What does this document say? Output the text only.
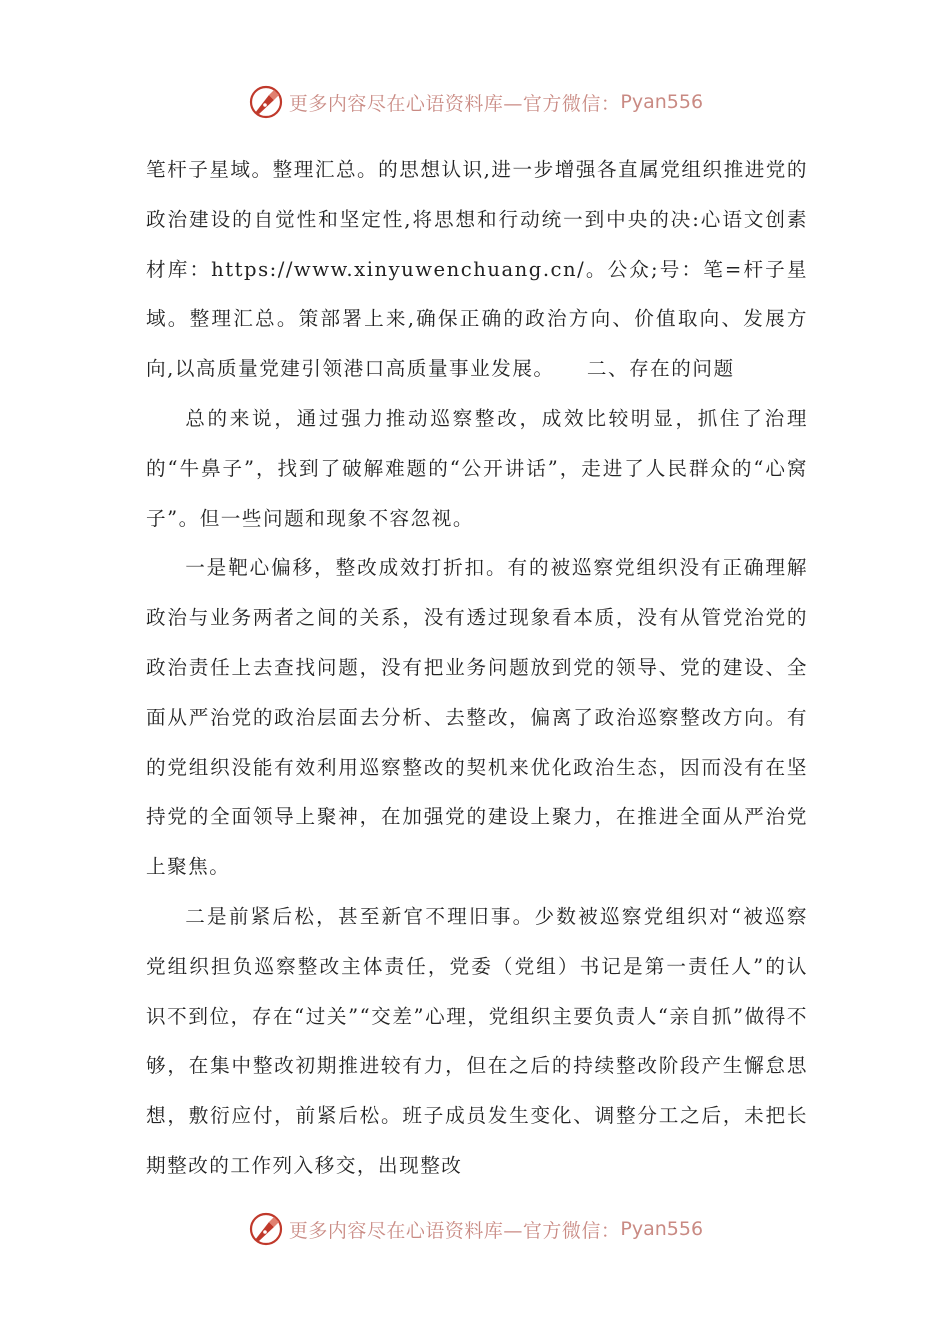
更多内容尽在心语资料库—官方微信： Pyan556

笔杆子星域。整理汇总。的思想认识,进一步增强各直属党组织推进党的政治建设的自觉性和坚定性,将思想和行动统一到中央的决:心语文创素材库：https://www.xinyuwenchuang.cn/。公众;号：笔=杆子星域。整理汇总。策部署上来,确保正确的政治方向、价值取向、发展方向,以高质量党建引领港口高质量事业发展。　　二、存在的问题

总的来说，通过强力推动巡察整改，成效比较明显，抓住了治理的“牛鼻子”，找到了破解难题的“公开讲话”，走进了人民群众的“心窝子”。但一些问题和现象不容忽视。

一是靶心偏移，整改成效打折扣。有的被巡察党组织没有正确理解政治与业务两者之间的关系，没有透过现象看本质，没有从管党治党的政治责任上去查找问题，没有把业务问题放到党的领导、党的建设、全面从严治党的政治层面去分析、去整改，偏离了政治巡察整改方向。有的党组织没能有效利用巡察整改的契机来优化政治生态，因而没有在坚持党的全面领导上聚神，在加强党的建设上聚力，在推进全面从严治党上聚焦。

二是前紧后松，甚至新官不理旧事。少数被巡察党组织对“被巡察党组织担负巡察整改主体责任，党委（党组）书记是第一责任人”的认识不到位，存在“过关”“交差”心理，党组织主要负责人“亲自抓”做得不够，在集中整改初期推进较有力，但在之后的持续整改阶段产生懈怠思想，敷衍应付，前紧后松。班子成员发生变化、调整分工之后，未把长期整改的工作列入移交，出现整改

更多内容尽在心语资料库—官方微信： Pyan556
